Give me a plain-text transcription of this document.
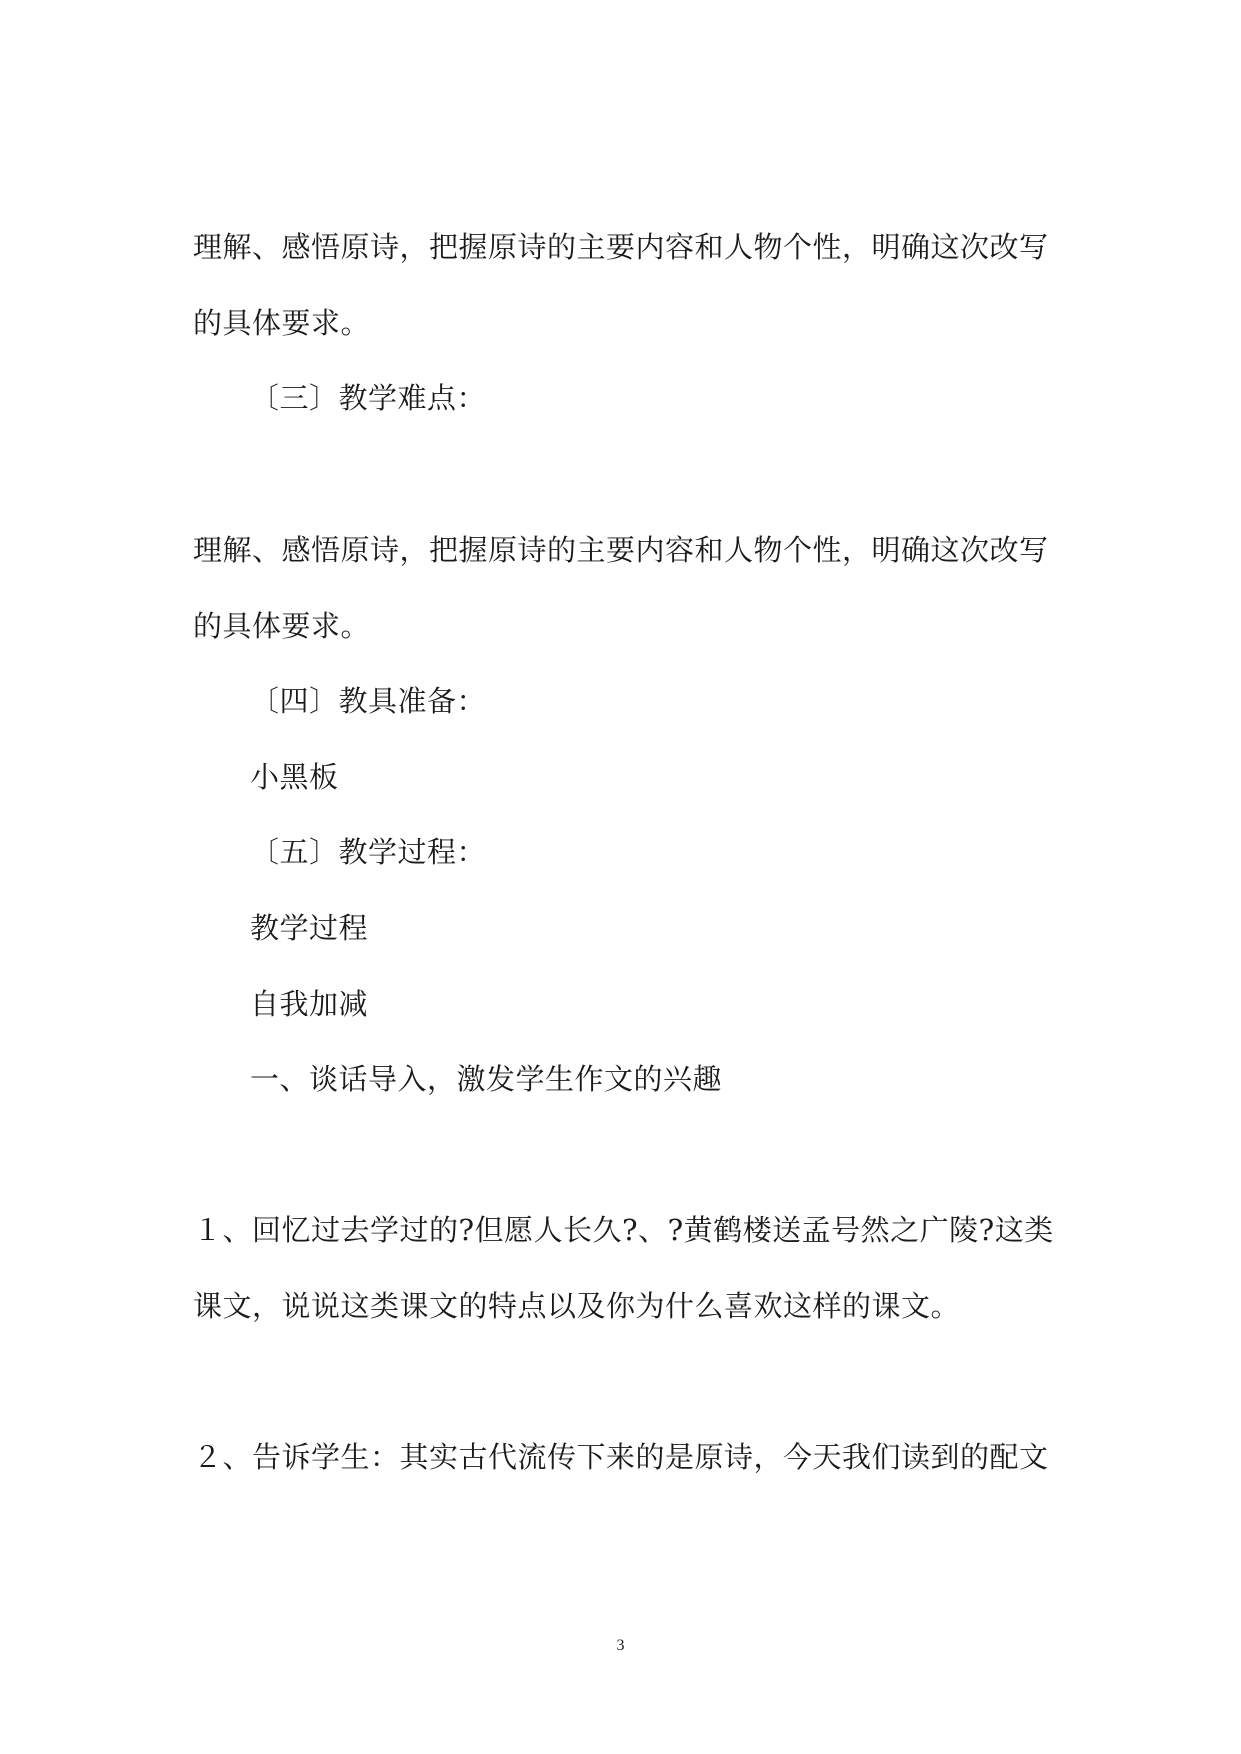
理解、感悟原诗，把握原诗的主要内容和人物个性，明确这次改写
的具体要求。
〔三〕教学难点：
理解、感悟原诗，把握原诗的主要内容和人物个性，明确这次改写
的具体要求。
〔四〕教具准备：
小黑板
〔五〕教学过程：
教学过程
自我加减
一、谈话导入，激发学生作文的兴趣
１、回忆过去学过的?但愿人长久?、?黄鹤楼送孟号然之广陵?这类
课文，说说这类课文的特点以及你为什么喜欢这样的课文。
２、告诉学生：其实古代流传下来的是原诗，今天我们读到的配文
3
